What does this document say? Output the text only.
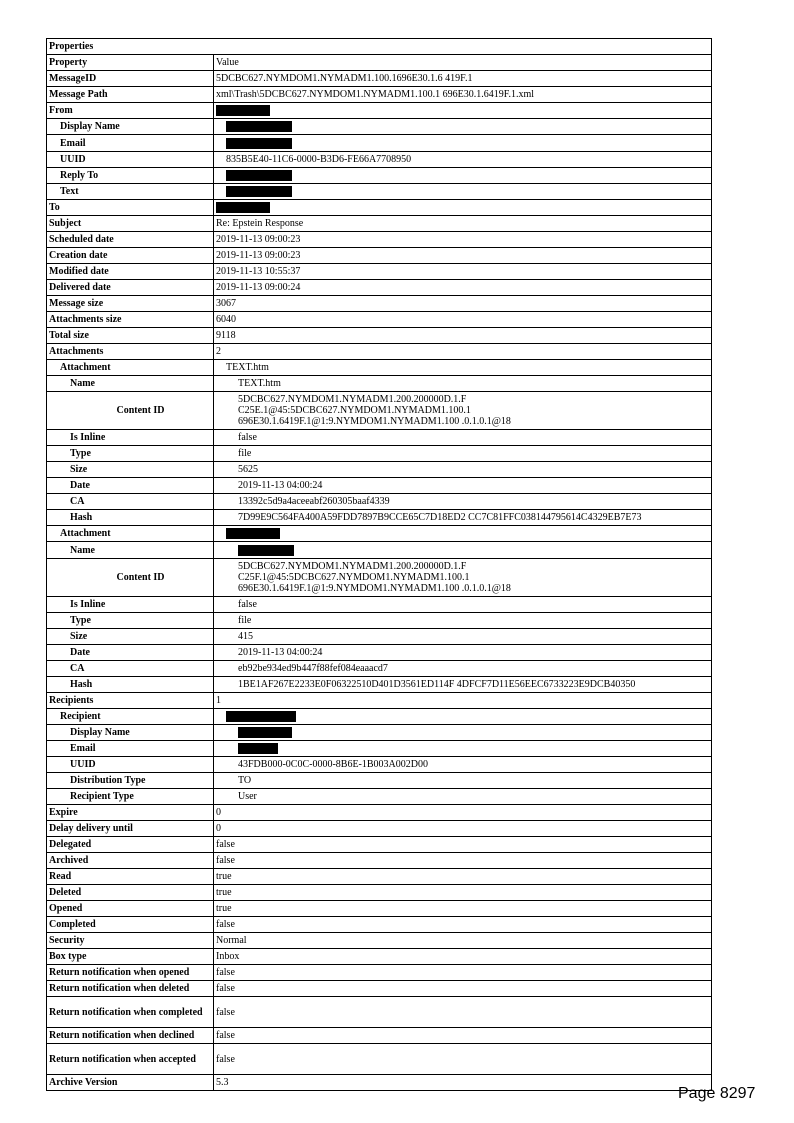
Properties	
Property	Value
MessageID	5DCBC627.NYMDOM1.NYMADM1.100.1696E30.1.6 419F.1
Message Path	xml\Trash\5DCBC627.NYMDOM1.NYMADM1.100.1 696E30.1.6419F.1.xml
From	
Display Name	
Email	
UUID	835B5E40-11C6-0000-B3D6-FE66A7708950
Reply To	
Text	
To	
Subject	Re: Epstein Response
Scheduled date	2019-11-13 09:00:23
Creation date	2019-11-13 09:00:23
Modified date	2019-11-13 10:55:37
Delivered date	2019-11-13 09:00:24
Message size	3067
Attachments size	6040
Total size	9118
Attachments	2
Attachment	TEXT.htm
Name	TEXT.htm
Content ID	5DCBC627.NYMDOM1.NYMADM1.200.200000D.1.F
C25E.1@45:5DCBC627.NYMDOM1.NYMADM1.100.1
696E30.1.6419F.1@1:9.NYMDOM1.NYMADM1.100 .0.1.0.1@18
Is Inline	false
Type	file
Size	5625
Date	2019-11-13 04:00:24
CA	13392c5d9a4aceeabf260305baaf4339
Hash	7D99E9C564FA400A59FDD7897B9CCE65C7D18ED2 CC7C81FFC038144795614C4329EB7E73
Attachment	
Name	
Content ID	5DCBC627.NYMDOM1.NYMADM1.200.200000D.1.F
C25F.1@45:5DCBC627.NYMDOM1.NYMADM1.100.1
696E30.1.6419F.1@1:9.NYMDOM1.NYMADM1.100 .0.1.0.1@18
Is Inline	false
Type	file
Size	415
Date	2019-11-13 04:00:24
CA	eb92be934ed9b447f88fef084eaaacd7
Hash	1BE1AF267E2233E0F06322510D401D3561ED114F 4DFCF7D11E56EEC6733223E9DCB40350
Recipients	1
Recipient	
Display Name	
Email	
UUID	43FDB000-0C0C-0000-8B6E-1B003A002D00
Distribution Type	TO
Recipient Type	User
Expire	0
Delay delivery until	0
Delegated	false
Archived	false
Read	true
Deleted	true
Opened	true
Completed	false
Security	Normal
Box type	Inbox
Return notification when opened	false
Return notification when deleted	false
Return notification when completed	false
Return notification when declined	false
Return notification when accepted	false
Archive Version	5.3
Page 8297
